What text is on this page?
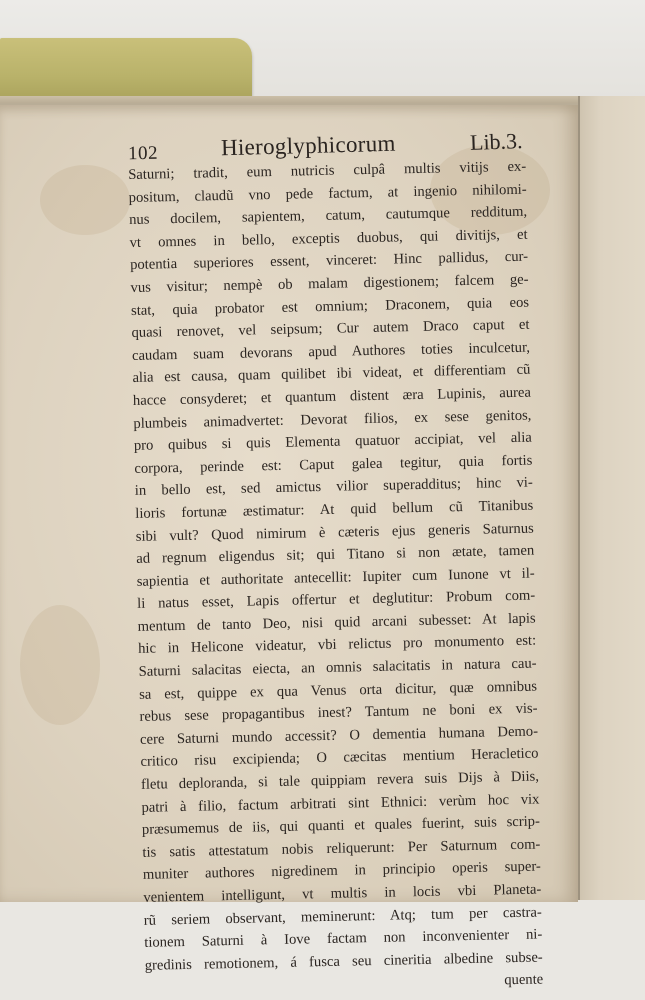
102	Hieroglyphicorum	Lib.3.
Saturni; tradit, eum nutricis culpâ multis vitijs ex-
positum, claudũ vno pede factum, at ingenio nihilomi-
nus docilem, sapientem, catum, cautumque redditum,
vt omnes in bello, exceptis duobus, qui divitijs, et
potentia superiores essent, vinceret: Hinc pallidus, cur-
vus visitur; nempè ob malam digestionem; falcem ge-
stat, quia probator est omnium; Draconem, quia eos
quasi renovet, vel seipsum; Cur autem Draco caput et
caudam suam devorans apud Authores toties inculcetur,
alia est causa, quam quilibet ibi videat, et differentiam cũ
hacce consyderet; et quantum distent æra Lupinis, aurea
plumbeis animadvertet: Devorat filios, ex sese genitos,
pro quibus si quis Elementa quatuor accipiat, vel alia
corpora, perinde est: Caput galea tegitur, quia fortis
in bello est, sed amictus vilior superadditus; hinc vi-
lioris fortunæ æstimatur: At quid bellum cũ Titanibus
sibi vult? Quod nimirum è cæteris ejus generis Saturnus
ad regnum eligendus sit; qui Titano si non ætate, tamen
sapientia et authoritate antecellit: Iupiter cum Iunone vt il-
li natus esset, Lapis offertur et deglutitur: Probum com-
mentum de tanto Deo, nisi quid arcani subesset: At lapis
hic in Helicone videatur, vbi relictus pro monumento est:
Saturni salacitas eiecta, an omnis salacitatis in natura cau-
sa est, quippe ex qua Venus orta dicitur, quæ omnibus
rebus sese propagantibus inest? Tantum ne boni ex vis-
cere Saturni mundo accessit? O dementia humana Demo-
critico risu excipienda; O cæcitas mentium Heracletico
fletu deploranda, si tale quippiam revera suis Dijs à Diis,
patri à filio, factum arbitrati sint Ethnici: verùm hoc vix
præsumemus de iis, qui quanti et quales fuerint, suis scrip-
tis satis attestatum nobis reliquerunt: Per Saturnum com-
muniter authores nigredinem in principio operis super-
venientem intelligunt, vt multis in locis vbi Planeta-
rũ seriem observant, meminerunt: Atq; tum per castra-
tionem Saturni à Iove factam non inconvenienter ni-
gredinis remotionem, á fusca seu cineritia albedine subse-
quente
